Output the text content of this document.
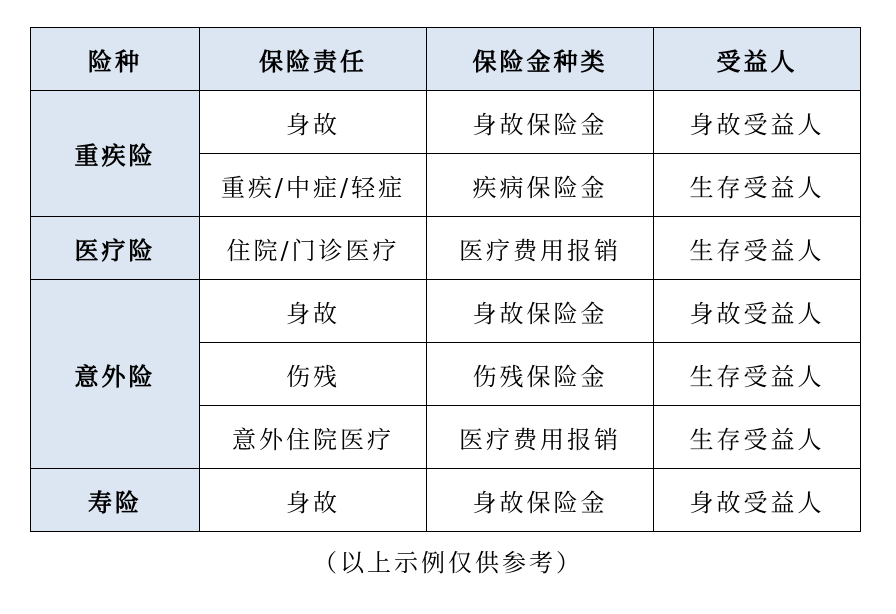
险种	保险责任	保险金种类	受益人
重疾险	身故	身故保险金	身故受益人
	重疾/中症/轻症	疾病保险金	生存受益人
医疗险	住院/门诊医疗	医疗费用报销	生存受益人
意外险	身故	身故保险金	身故受益人
	伤残	伤残保险金	生存受益人
	意外住院医疗	医疗费用报销	生存受益人
寿险	身故	身故保险金	身故受益人
（以上示例仅供参考）
